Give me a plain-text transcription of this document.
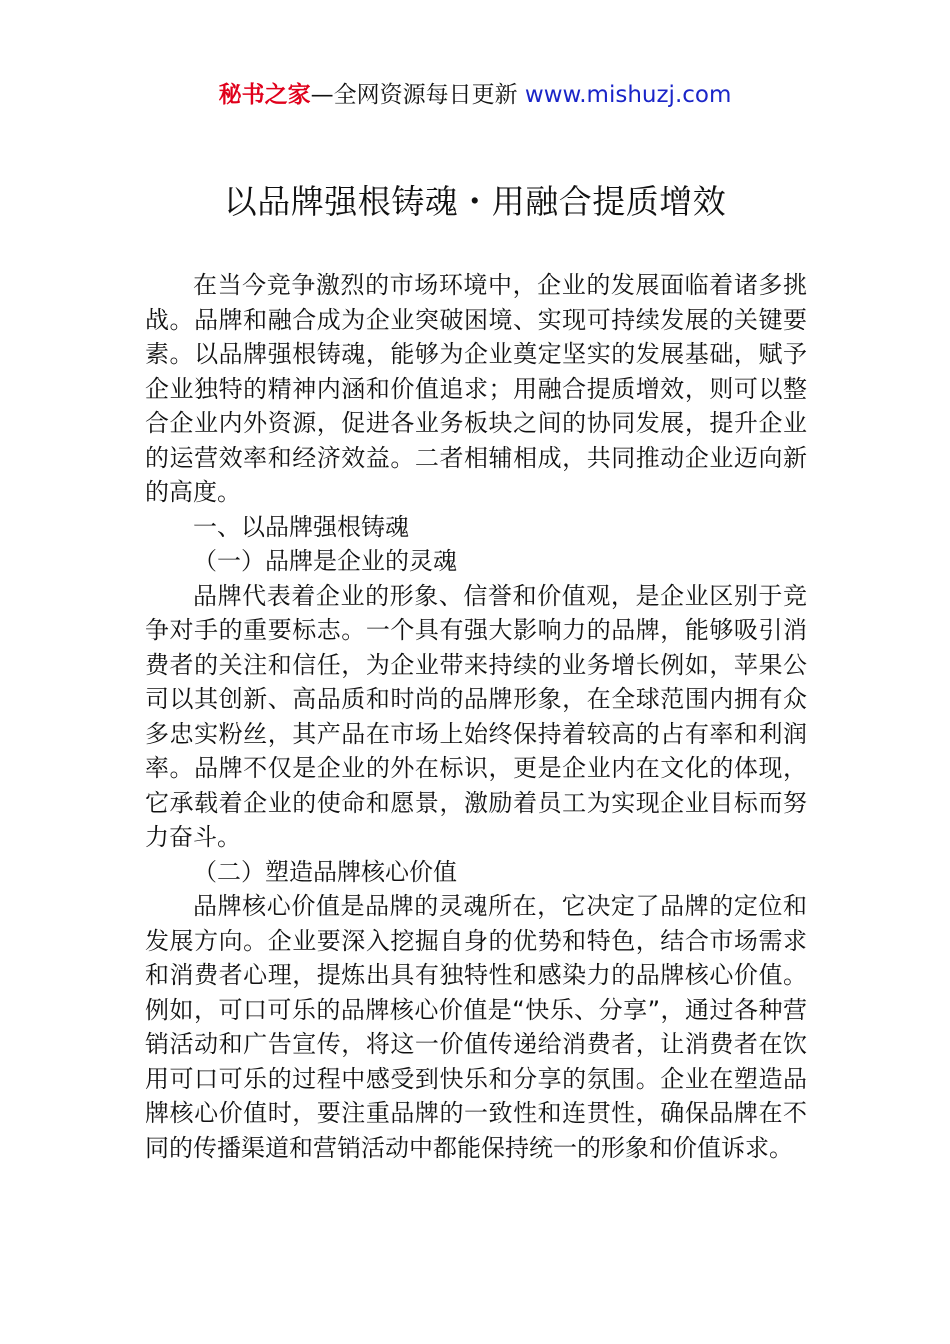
秘书之家—全网资源每日更新 www.mishuzj.com
以品牌强根铸魂・用融合提质增效

在当今竞争激烈的市场环境中，企业的发展面临着诸多挑战。品牌和融合成为企业突破困境、实现可持续发展的关键要素。以品牌强根铸魂，能够为企业奠定坚实的发展基础，赋予企业独特的精神内涵和价值追求；用融合提质增效，则可以整合企业内外资源，促进各业务板块之间的协同发展，提升企业的运营效率和经济效益。二者相辅相成，共同推动企业迈向新的高度。

一、以品牌强根铸魂

（一）品牌是企业的灵魂

品牌代表着企业的形象、信誉和价值观，是企业区别于竞争对手的重要标志。一个具有强大影响力的品牌，能够吸引消费者的关注和信任，为企业带来持续的业务增长例如，苹果公司以其创新、高品质和时尚的品牌形象，在全球范围内拥有众多忠实粉丝，其产品在市场上始终保持着较高的占有率和利润率。品牌不仅是企业的外在标识，更是企业内在文化的体现，它承载着企业的使命和愿景，激励着员工为实现企业目标而努力奋斗。

（二）塑造品牌核心价值

品牌核心价值是品牌的灵魂所在，它决定了品牌的定位和发展方向。企业要深入挖掘自身的优势和特色，结合市场需求和消费者心理，提炼出具有独特性和感染力的品牌核心价值。例如，可口可乐的品牌核心价值是“快乐、分享”，通过各种营销活动和广告宣传，将这一价值传递给消费者，让消费者在饮用可口可乐的过程中感受到快乐和分享的氛围。企业在塑造品牌核心价值时，要注重品牌的一致性和连贯性，确保品牌在不同的传播渠道和营销活动中都能保持统一的形象和价值诉求。
